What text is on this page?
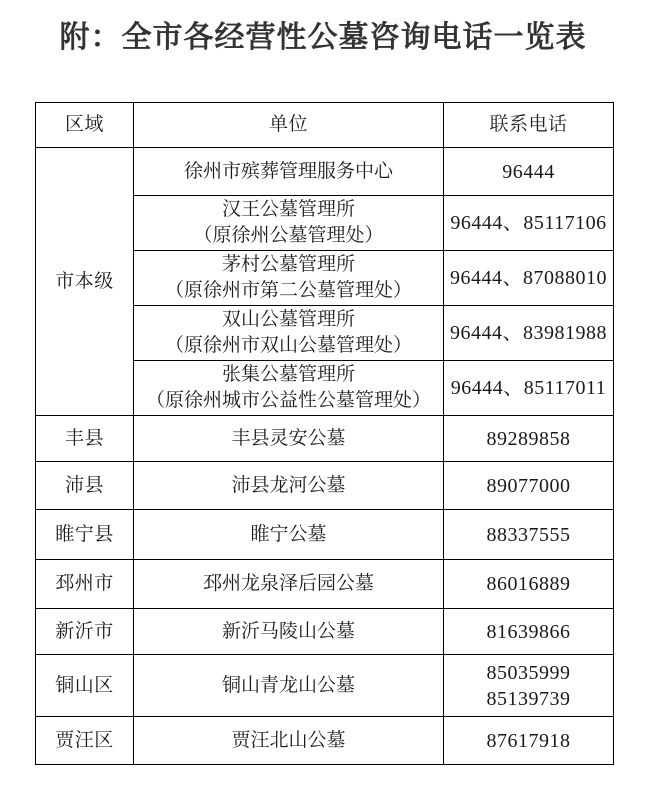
附：全市各经营性公墓咨询电话一览表
区域	单位	联系电话
市本级	徐州市殡葬管理服务中心	96444

	汉王公墓管理所
（原徐州公墓管理处）	96444、85117106

	茅村公墓管理所
（原徐州市第二公墓管理处）	96444、87088010

	双山公墓管理所
（原徐州市双山公墓管理处）	96444、83981988

	张集公墓管理所
（原徐州城市公益性公墓管理处）	96444、85117011
丰县	丰县灵安公墓	89289858
沛县	沛县龙河公墓	89077000
睢宁县	睢宁公墓	88337555
邳州市	邳州龙泉泽后园公墓	86016889
新沂市	新沂马陵山公墓	81639866
铜山区	铜山青龙山公墓	85035999
85139739
贾汪区	贾汪北山公墓	87617918
